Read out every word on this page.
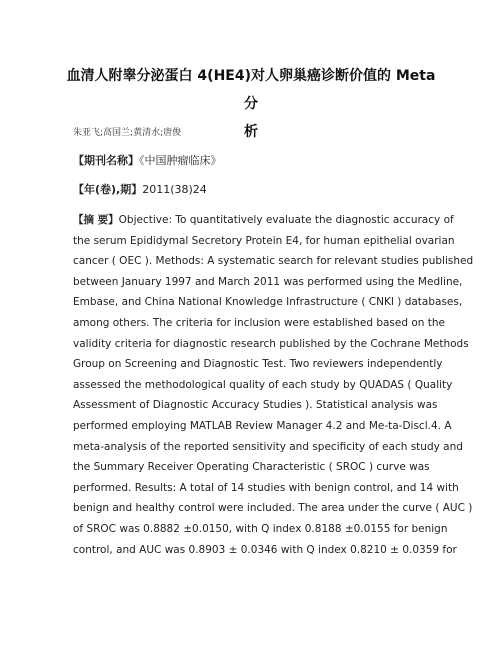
血清人附睾分泌蛋白 4(HE4)对人卵巢癌诊断价值的 Meta 分
析
朱亚飞;高国兰;黄清水;唐俊
【期刊名称】《中国肿瘤临床》
【年(卷),期】2011(38)24
【摘 要】Objective: To quantitatively evaluate the diagnostic accuracy of
the serum Epididymal Secretory Protein E4, for human epithelial ovarian
cancer ( OEC ). Methods: A systematic search for relevant studies published
between January 1997 and March 2011 was performed using the Medline,
Embase, and China National Knowledge Infrastructure ( CNKI ) databases,
among others. The criteria for inclusion were established based on the
validity criteria for diagnostic research published by the Cochrane Methods
Group on Screening and Diagnostic Test. Two reviewers independently
assessed the methodological quality of each study by QUADAS ( Quality
Assessment of Diagnostic Accuracy Studies ). Statistical analysis was
performed employing MATLAB Review Manager 4.2 and Me-ta-Discl.4. A
meta-analysis of the reported sensitivity and specificity of each study and
the Summary Receiver Operating Characteristic ( SROC ) curve was
performed. Results: A total of 14 studies with benign control, and 14 with
benign and healthy control were included. The area under the curve ( AUC )
of SROC was 0.8882 ±0.0150, with Q index 0.8188 ±0.0155 for benign
control, and AUC was 0.8903 ± 0.0346 with Q index 0.8210 ± 0.0359 for
